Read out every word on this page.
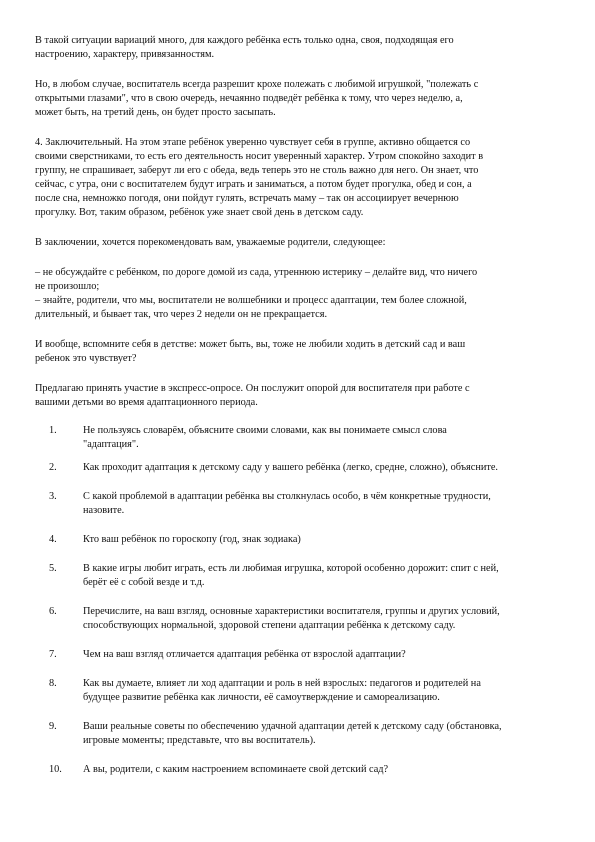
В такой ситуации вариаций много, для каждого ребёнка есть только одна, своя, подходящая его
настроению, характеру, привязанностям.

Но, в любом случае, воспитатель всегда разрешит крохе полежать с любимой игрушкой, "полежать с
открытыми глазами", что в свою очередь, нечаянно подведёт ребёнка к тому, что через неделю, а,
может быть, на третий день, он будет просто засыпать.

4. Заключительный. На этом этапе ребёнок уверенно чувствует себя в группе, активно общается со
своими сверстниками, то есть его деятельность носит уверенный характер. Утром спокойно заходит в
группу, не спрашивает, заберут ли его с обеда, ведь теперь это не столь важно для него. Он знает, что
сейчас, с утра, они с воспитателем будут играть и заниматься, а потом будет прогулка, обед и сон, а
после сна, немножко погодя, они пойдут гулять, встречать маму – так он ассоциирует вечернюю
прогулку. Вот, таким образом, ребёнок уже знает свой день в детском саду.

В заключении, хочется порекомендовать вам, уважаемые родители, следующее:

– не обсуждайте с ребёнком, по дороге домой из сада, утреннюю истерику – делайте вид, что ничего
не произошло;
– знайте, родители, что мы, воспитатели не волшебники и процесс адаптации, тем более сложной,
длительный, и бывает так, что через 2 недели он не прекращается.

И вообще, вспомните себя в детстве: может быть, вы, тоже не любили ходить в детский сад и ваш
ребенок это чувствует?

Предлагаю принять участие в экспресс-опросе. Он послужит опорой для воспитателя при работе с
вашими детьми во время адаптационного периода.

1.	Не пользуясь словарём, объясните своими словами, как вы понимаете смысл слова
"адаптация".
2.	Как проходит адаптация к детскому саду у вашего ребёнка (легко, средне, сложно), объясните.
3.	С какой проблемой в адаптации ребёнка вы столкнулась особо, в чём конкретные трудности,
назовите.
4.	Кто ваш ребёнок по гороскопу (год, знак зодиака)
5.	В какие игры любит играть, есть ли любимая игрушка, которой особенно дорожит: спит с ней,
берёт её с собой везде и т.д.
6.	Перечислите, на ваш взгляд, основные характеристики воспитателя, группы и других условий,
способствующих нормальной, здоровой степени адаптации ребёнка к детскому саду.
7.	Чем на ваш взгляд отличается адаптация ребёнка от взрослой адаптации?
8.	Как вы думаете, влияет ли ход адаптации и роль в ней взрослых: педагогов и родителей на
будущее развитие ребёнка как личности, её самоутверждение и самореализацию.
9.	Ваши реальные советы по обеспечению удачной адаптации детей к детскому саду (обстановка,
игровые моменты; представьте, что вы воспитатель).
10.	А вы, родители, с каким настроением вспоминаете свой детский сад?
